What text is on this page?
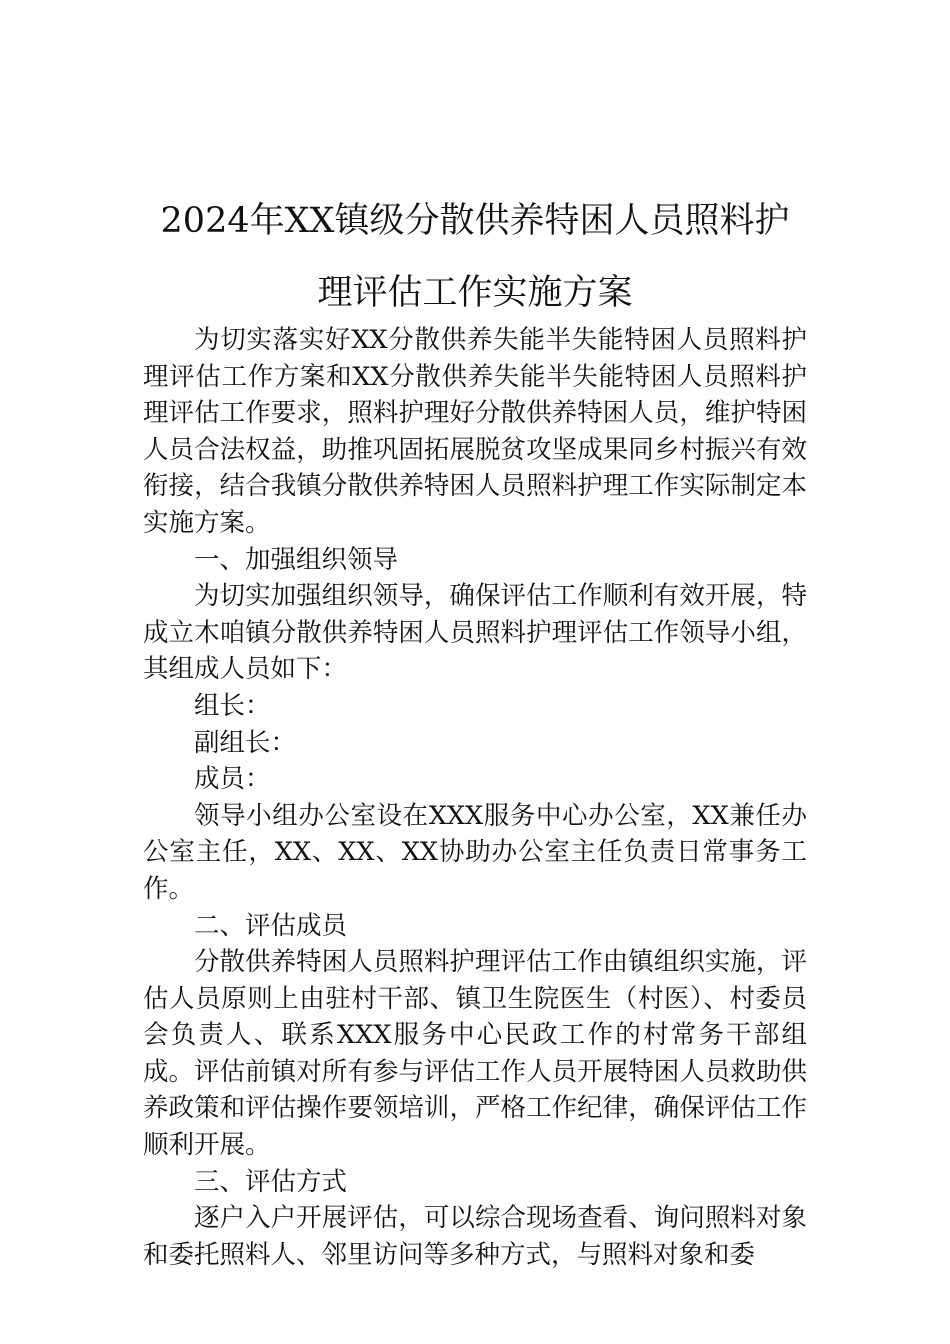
2024年XX镇级分散供养特困人员照料护
理评估工作实施方案

为切实落实好XX分散供养失能半失能特困人员照料护理评估工作方案和XX分散供养失能半失能特困人员照料护理评估工作要求，照料护理好分散供养特困人员，维护特困人员合法权益，助推巩固拓展脱贫攻坚成果同乡村振兴有效衔接，结合我镇分散供养特困人员照料护理工作实际制定本实施方案。

一、加强组织领导

为切实加强组织领导，确保评估工作顺利有效开展，特成立木咱镇分散供养特困人员照料护理评估工作领导小组，其组成人员如下：

组长：

副组长：

成员：

领导小组办公室设在XXX服务中心办公室，XX兼任办公室主任，XX、XX、XX协助办公室主任负责日常事务工作。

二、评估成员

分散供养特困人员照料护理评估工作由镇组织实施，评估人员原则上由驻村干部、镇卫生院医生（村医）、村委员会负责人、联系XXX服务中心民政工作的村常务干部组成。评估前镇对所有参与评估工作人员开展特困人员救助供养政策和评估操作要领培训，严格工作纪律，确保评估工作顺利开展。

三、评估方式

逐户入户开展评估，可以综合现场查看、询问照料对象和委托照料人、邻里访问等多种方式，与照料对象和委
